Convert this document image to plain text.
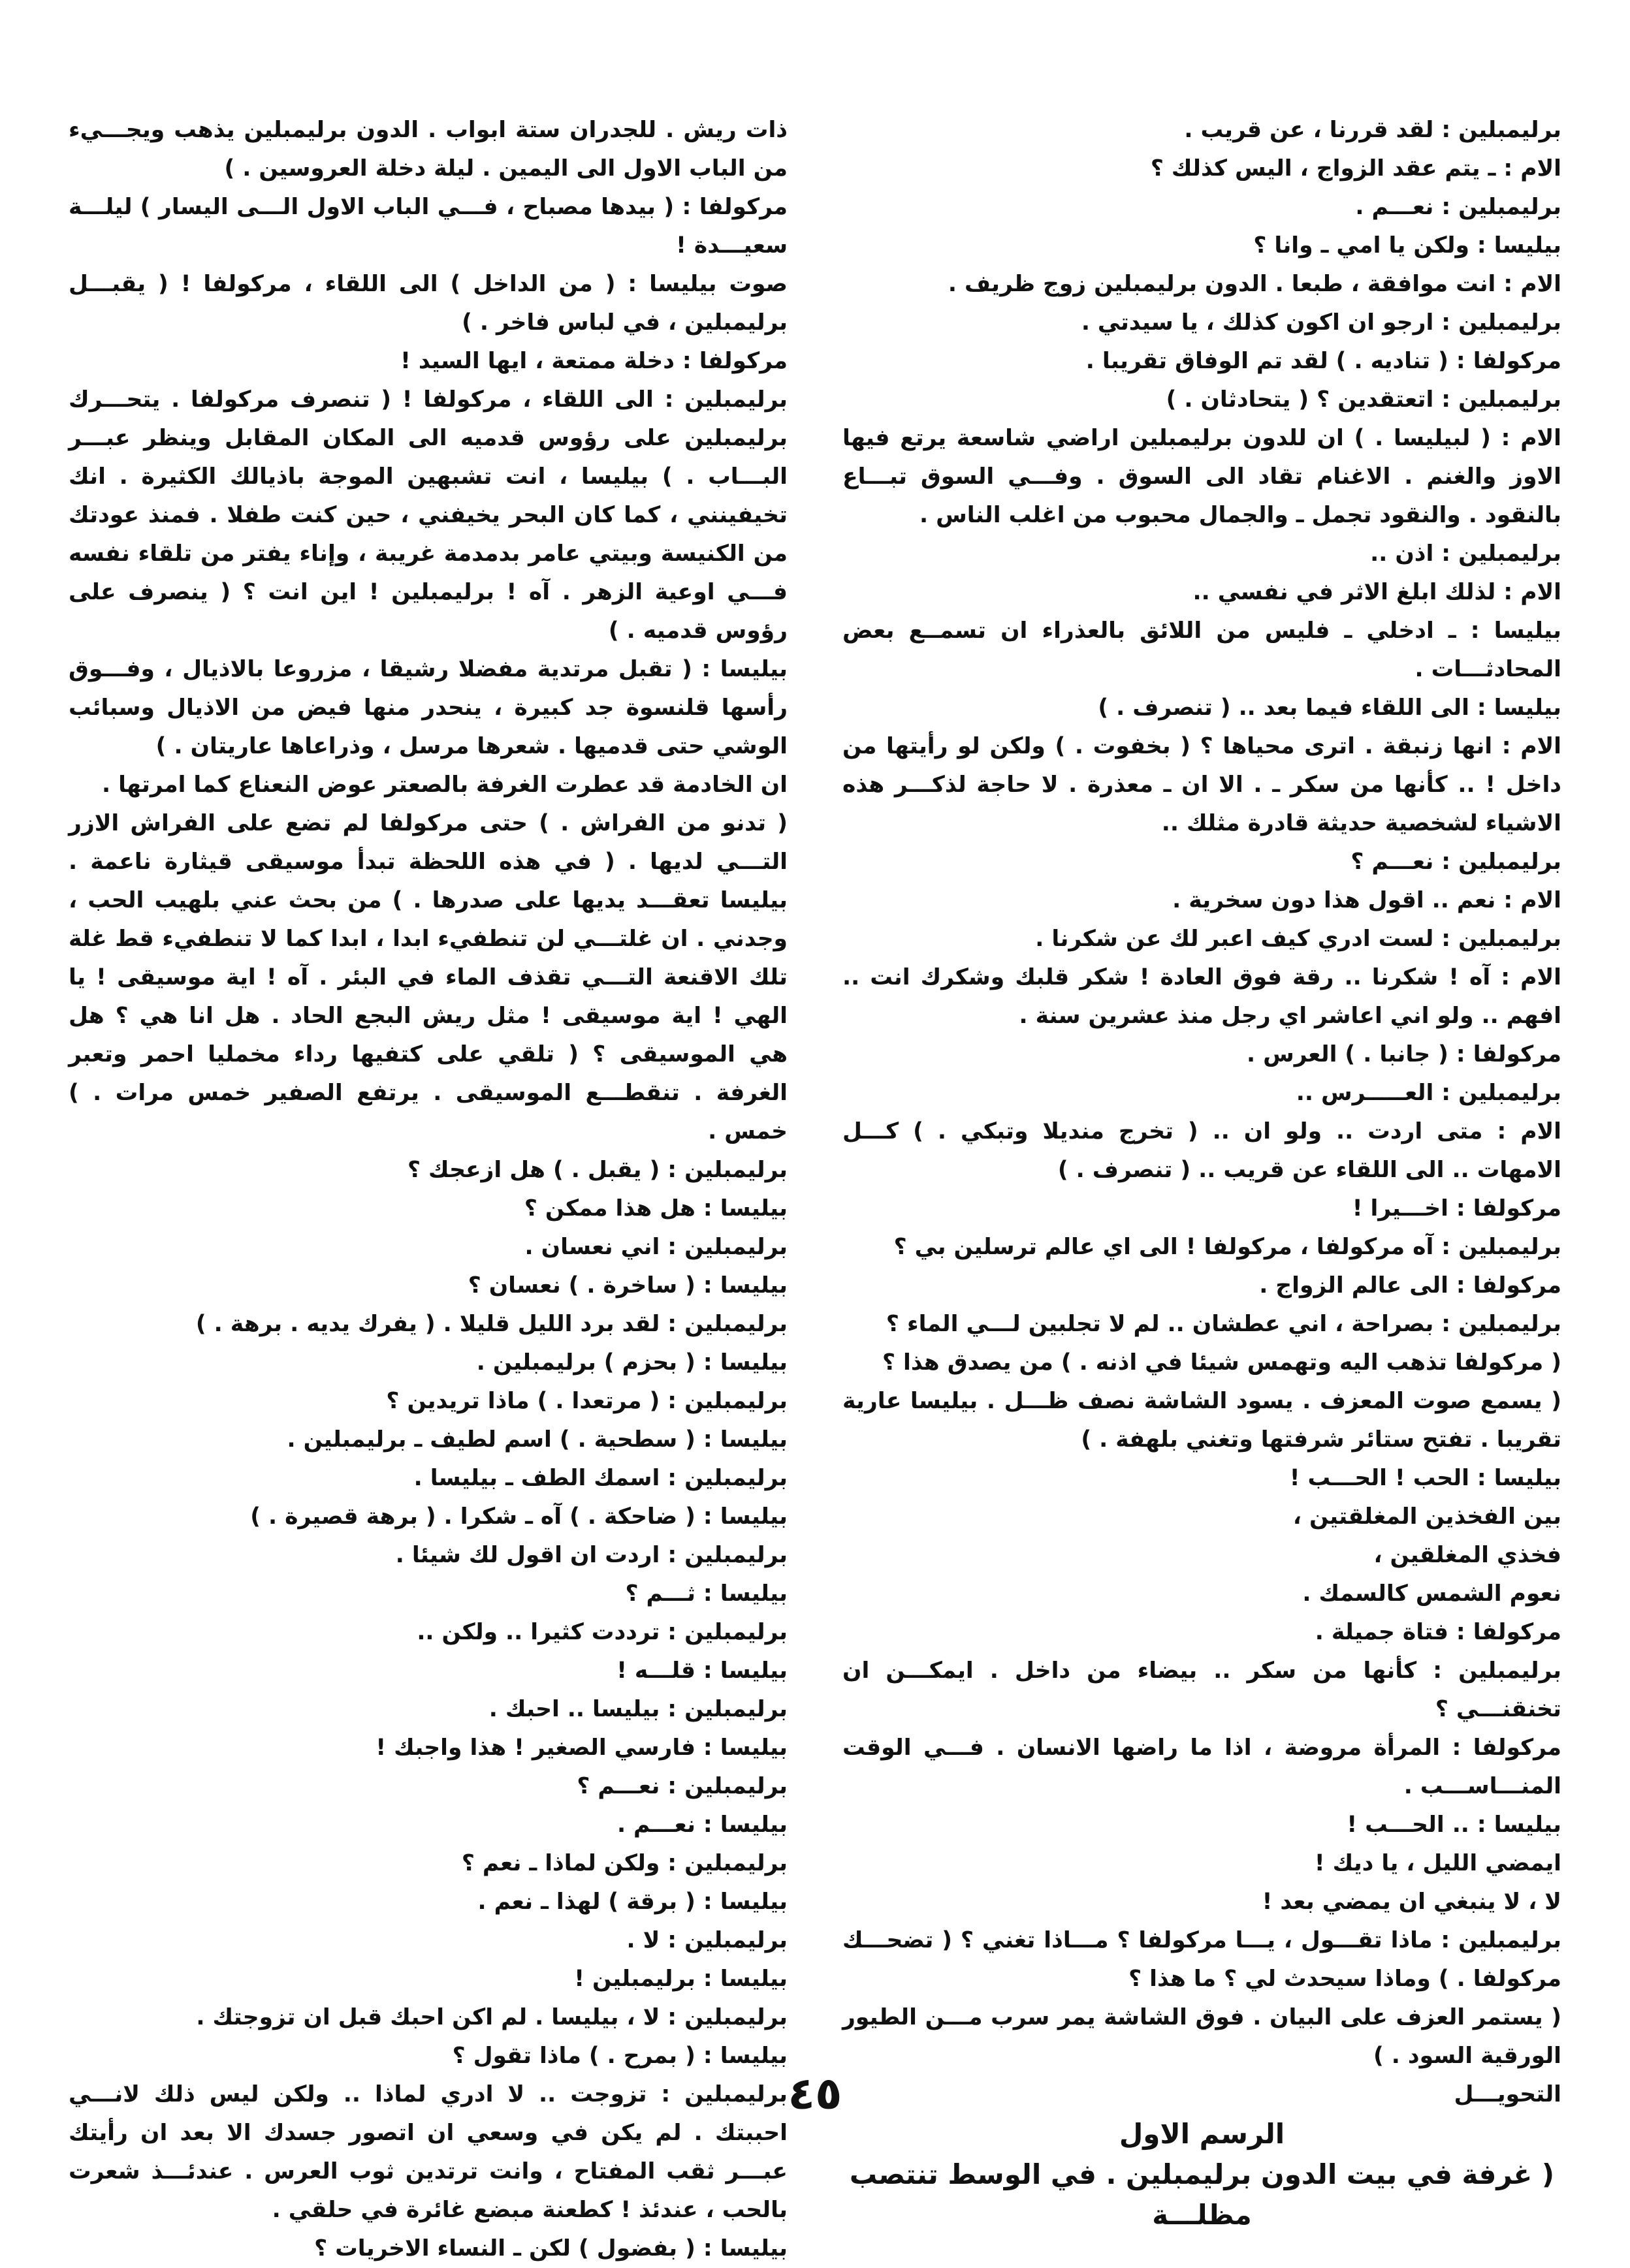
برليمبلين : لقد قررنا ، عن قريب .

الام : ـ يتم عقد الزواج ، اليس كذلك ؟

برليمبلين : نعـــم .

بيليسا : ولكن يا امي ـ وانا ؟

الام : انت موافقة ، طبعا . الدون برليمبلين زوج ظريف .

برليمبلين : ارجو ان اكون كذلك ، يا سيدتي .

مركولفا : ( تناديه . ) لقد تم الوفاق تقريبا .

برليمبلين : اتعتقدين ؟ ( يتحادثان . )

الام : ( لبيليسا . ) ان للدون برليمبلين اراضي شاسعة يرتع فيها الاوز والغنم . الاغنام تقاد الى السوق . وفـــي السوق تبـــاع بالنقود . والنقود تجمل ـ والجمال محبوب من اغلب الناس .

برليمبلين : اذن ..

الام : لذلك ابلغ الاثر في نفسي ..

بيليسا : ـ ادخلي ـ فليس من اللائق بالعذراء ان تسمــع بعض المحادثـــات .

بيليسا : الى اللقاء فيما بعد .. ( تنصرف . )

الام : انها زنبقة . اترى محياها ؟ ( بخفوت . ) ولكن لو رأيتها من داخل ! .. كأنها من سكر ـ . الا ان ـ معذرة . لا حاجة لذكـــر هذه الاشياء لشخصية حديثة قادرة مثلك ..

برليمبلين : نعـــم ؟

الام : نعم .. اقول هذا دون سخرية .

برليمبلين : لست ادري كيف اعبر لك عن شكرنا .

الام : آه ! شكرنا .. رقة فوق العادة ! شكر قلبك وشكرك انت .. افهم .. ولو اني اعاشر اي رجل منذ عشرين سنة .

مركولفا : ( جانبا . ) العرس .

برليمبلين : العـــــرس ..

الام : متى اردت .. ولو ان .. ( تخرج منديلا وتبكي . ) كـــل الامهات .. الى اللقاء عن قريب .. ( تنصرف . )

مركولفا : اخـــيرا !

برليمبلين : آه مركولفا ، مركولفا ! الى اي عالم ترسلين بي ؟

مركولفا : الى عالم الزواج .

برليمبلين : بصراحة ، اني عطشان .. لم لا تجلبين لـــي الماء ؟

( مركولفا تذهب اليه وتهمس شيئا في اذنه . ) من يصدق هذا ؟

( يسمع صوت المعزف . يسود الشاشة نصف ظـــل . بيليسا عارية تقريبا . تفتح ستائر شرفتها وتغني بلهفة . )

بيليسا : الحب ! الحـــب !

بين الفخذين المغلقتين ،

فخذي المغلقين ،

نعوم الشمس كالسمك .

مركولفا : فتاة جميلة .

برليمبلين : كأنها من سكر .. بيضاء من داخل . ايمكـــن ان تخنقنـــي ؟

مركولفا : المرأة مروضة ، اذا ما راضها الانسان . فـــي الوقت المنـــاســـب .

بيليسا : .. الحـــب !

ايمضي الليل ، يا ديك !

لا ، لا ينبغي ان يمضي بعد !

برليمبلين : ماذا تقـــول ، يـــا مركولفا ؟ مـــاذا تغني ؟ ( تضحـــك مركولفا . ) وماذا سيحدث لي ؟ ما هذا ؟

( يستمر العزف على البيان . فوق الشاشة يمر سرب مـــن الطيور الورقية السود . )

التحويـــل

الرسم الاول

( غرفة في بيت الدون برليمبلين . في الوسط تنتصب مظلـــة

ذات ريش . للجدران ستة ابواب . الدون برليمبلين يذهب ويجـــيء من الباب الاول الى اليمين . ليلة دخلة العروسين . )

مركولفا : ( بيدها مصباح ، فـــي الباب الاول الـــى اليسار ) ليلـــة سعيـــدة !

صوت بيليسا : ( من الداخل ) الى اللقاء ، مركولفا ! ( يقبـــل برليمبلين ، في لباس فاخر . )

مركولفا : دخلة ممتعة ، ايها السيد !

برليمبلين : الى اللقاء ، مركولفا ! ( تنصرف مركولفا . يتحـــرك برليمبلين على رؤوس قدميه الى المكان المقابل وينظر عبـــر البـــاب . ) بيليسا ، انت تشبهين الموجة باذيالك الكثيرة . انك تخيفينني ، كما كان البحر يخيفني ، حين كنت طفلا . فمنذ عودتك من الكنيسة وبيتي عامر بدمدمة غريبة ، وإناء يفتر من تلقاء نفسه فـــي اوعية الزهر . آه ! برليمبلين ! اين انت ؟ ( ينصرف على رؤوس قدميه . )

بيليسا : ( تقبل مرتدية مفضلا رشيقا ، مزروعا بالاذيال ، وفـــوق رأسها قلنسوة جد كبيرة ، ينحدر منها فيض من الاذيال وسبائب الوشي حتى قدميها . شعرها مرسل ، وذراعاها عاريتان . )

ان الخادمة قد عطرت الغرفة بالصعتر عوض النعناع كما امرتها .

( تدنو من الفراش . ) حتى مركولفا لم تضع على الفراش الازر التـــي لديها . ( في هذه اللحظة تبدأ موسيقى قيثارة ناعمة . بيليسا تعقـــد يديها على صدرها . ) من بحث عني بلهيب الحب ، وجدني . ان غلتـــي لن تنطفيء ابدا ، ابدا كما لا تنطفيء قط غلة تلك الاقنعة التـــي تقذف الماء في البئر . آه ! اية موسيقى ! يا الهي ! اية موسيقى ! مثل ريش البجع الحاد . هل انا هي ؟ هل هي الموسيقى ؟ ( تلقي على كتفيها رداء مخمليا احمر وتعبر الغرفة . تنقطـــع الموسيقى . يرتفع الصفير خمس مرات . ) خمس .

برليمبلين : ( يقبل . ) هل ازعجك ؟

بيليسا : هل هذا ممكن ؟

برليمبلين : اني نعسان .

بيليسا : ( ساخرة . ) نعسان ؟

برليمبلين : لقد برد الليل قليلا . ( يفرك يديه . برهة . )

بيليسا : ( بحزم ) برليمبلين .

برليمبلين : ( مرتعدا . ) ماذا تريدين ؟

بيليسا : ( سطحية . ) اسم لطيف ـ برليمبلين .

برليمبلين : اسمك الطف ـ بيليسا .

بيليسا : ( ضاحكة . ) آه ـ شكرا . ( برهة قصيرة . )

برليمبلين : اردت ان اقول لك شيئا .

بيليسا : ثـــم ؟

برليمبلين : ترددت كثيرا .. ولكن ..

بيليسا : قلـــه !

برليمبلين : بيليسا .. احبك .

بيليسا : فارسي الصغير ! هذا واجبك !

برليمبلين : نعـــم ؟

بيليسا : نعـــم .

برليمبلين : ولكن لماذا ـ نعم ؟

بيليسا : ( برقة ) لهذا ـ نعم .

برليمبلين : لا .

بيليسا : برليمبلين !

برليمبلين : لا ، بيليسا . لم اكن احبك قبل ان تزوجتك .

بيليسا : ( بمرح . ) ماذا تقول ؟

برليمبلين : تزوجت .. لا ادري لماذا .. ولكن ليس ذلك لانـــي احببتك . لم يكن في وسعي ان اتصور جسدك الا بعد ان رأيتك عبـــر ثقب المفتاح ، وانت ترتدين ثوب العرس . عندئـــذ شعرت بالحب ، عندئذ ! كطعنة مبضع غائرة في حلقي .

بيليسا : ( بفضول ) لكن ـ النساء الاخريات ؟

٤٥
